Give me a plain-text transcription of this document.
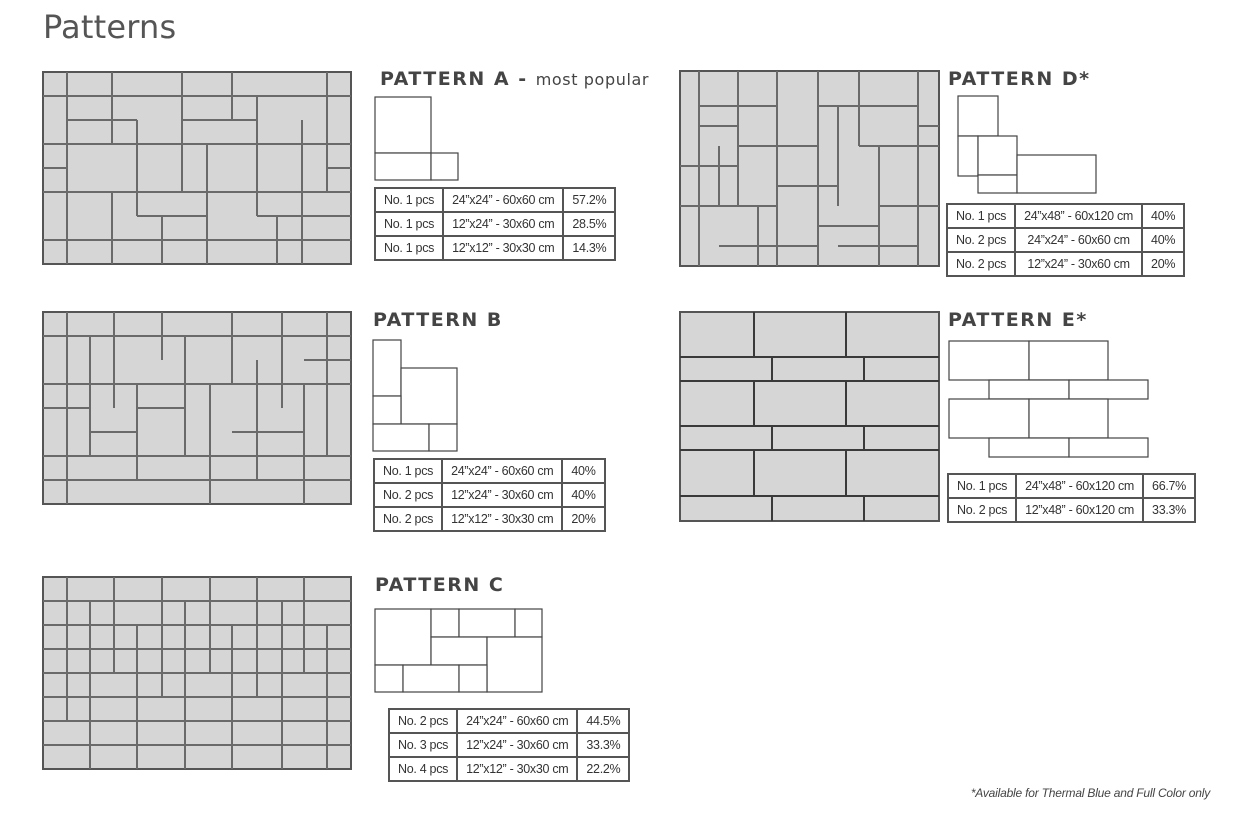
Patterns
PATTERN A - most popular
No. 1 pcs	24”x24” - 60x60 cm	57.2%
No. 1 pcs	12”x24” - 30x60 cm	28.5%
No. 1 pcs	12”x12” - 30x30 cm	14.3%
PATTERN B
No. 1 pcs	24”x24” - 60x60 cm	40%
No. 2 pcs	12”x24” - 30x60 cm	40%
No. 2 pcs	12”x12” - 30x30 cm	20%
PATTERN C
No. 2 pcs	24”x24” - 60x60 cm	44.5%
No. 3 pcs	12”x24” - 30x60 cm	33.3%
No. 4 pcs	12”x12” - 30x30 cm	22.2%
PATTERN D*
No. 1 pcs	24”x48” - 60x120 cm	40%
No. 2 pcs	24”x24” - 60x60 cm	40%
No. 2 pcs	12”x24” - 30x60 cm	20%
PATTERN E*
No. 1 pcs	24”x48” - 60x120 cm	66.7%
No. 2 pcs	12”x48” - 60x120 cm	33.3%
*Available for Thermal Blue and Full Color only
